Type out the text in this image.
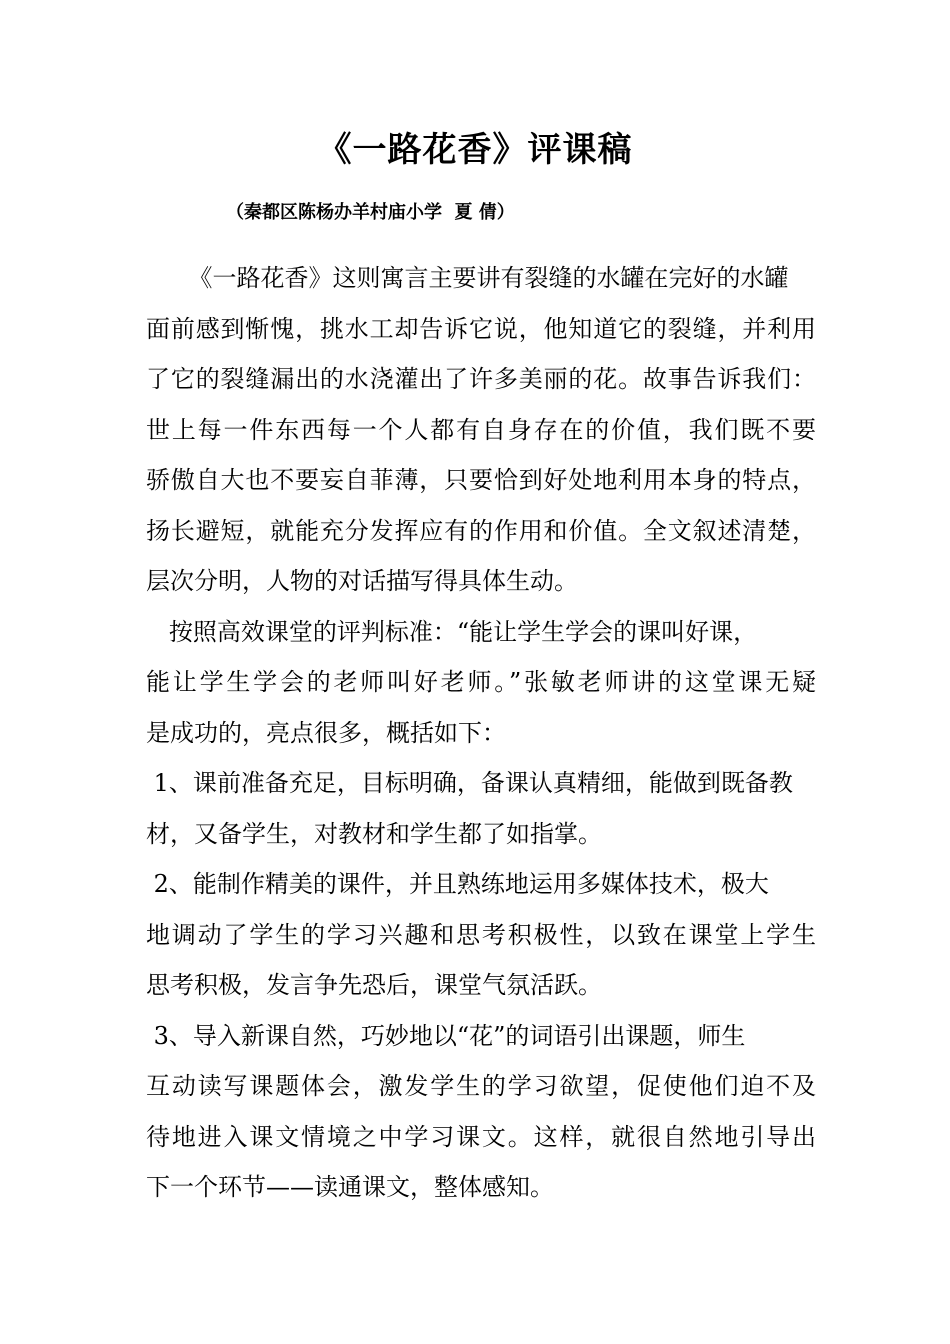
《一路花香》评课稿
（秦都区陈杨办羊村庙小学  夏 倩）
《一路花香》这则寓言主要讲有裂缝的水罐在完好的水罐
面前感到惭愧，挑水工却告诉它说，他知道它的裂缝，并利用
了它的裂缝漏出的水浇灌出了许多美丽的花。故事告诉我们：
世上每一件东西每一个人都有自身存在的价值，我们既不要
骄傲自大也不要妄自菲薄，只要恰到好处地利用本身的特点，
扬长避短，就能充分发挥应有的作用和价值。全文叙述清楚，
层次分明，人物的对话描写得具体生动。
按照高效课堂的评判标准：“能让学生学会的课叫好课，
能让学生学会的老师叫好老师。”张敏老师讲的这堂课无疑
是成功的，亮点很多，概括如下：
1、课前准备充足，目标明确，备课认真精细，能做到既备教
材，又备学生，对教材和学生都了如指掌。
2、能制作精美的课件，并且熟练地运用多媒体技术，极大
地调动了学生的学习兴趣和思考积极性，以致在课堂上学生
思考积极，发言争先恐后，课堂气氛活跃。
3、导入新课自然，巧妙地以“花”的词语引出课题，师生
互动读写课题体会，激发学生的学习欲望，促使他们迫不及
待地进入课文情境之中学习课文。这样，就很自然地引导出
下一个环节——读通课文，整体感知。
